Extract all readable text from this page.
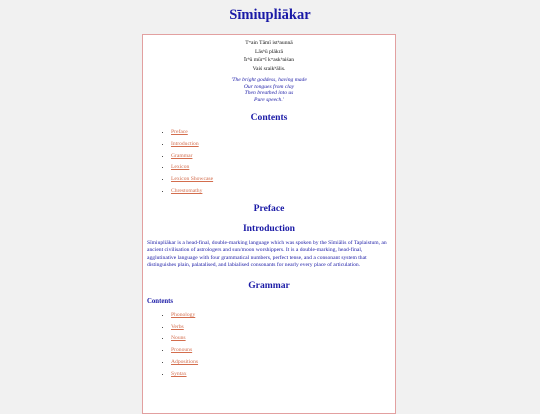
Sīmiupliākar
Tʷain Tāmī istʰaunnā
Lāsʰū plākrā
Īrʰū mūrʷī kʷaskʰaiśan
Vaiś sraikʰālis.
'The bright goddess, having made
Our tongues from clay
Then breathed into us
Pure speech.'
Contents
• Preface
• Introduction
• Grammar
• Lexicon
• Lexicon Showcase
• Chrestomathy
Preface
Introduction

Sīmiupliākar is a head-final, double-marking language which was spoken by the Sīmiālis of Taplaistum, an ancient civilisation of astrologers and sun/moon worshippers. It is a double-marking, head-final, agglutinative language with four grammatical numbers, perfect tense, and a consonant system that distinguishes plain, palatalised, and labialised consonants for nearly every place of articulation.

Grammar
Contents
• Phonology
• Verbs
• Nouns
• Pronouns
• Adpositions
• Syntax
